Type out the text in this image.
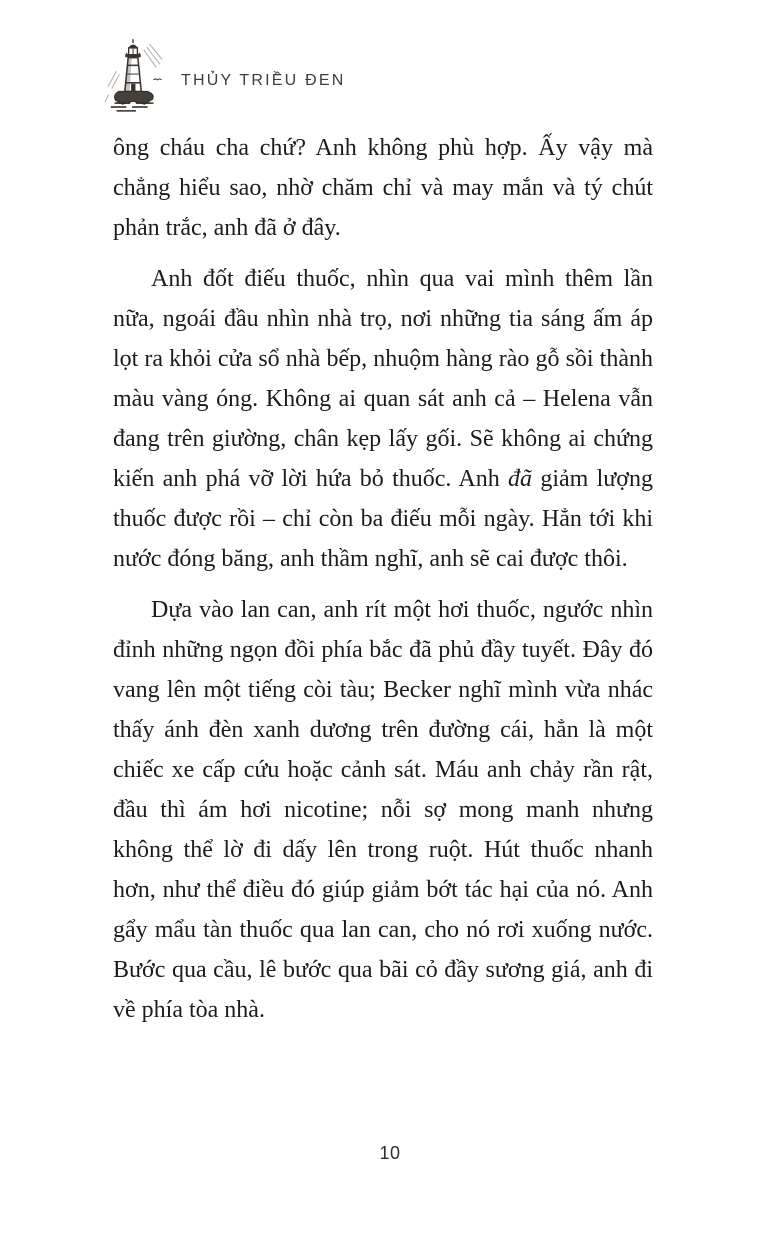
THỦY TRIỀU ĐEN

ông cháu cha chứ? Anh không phù hợp. Ấy vậy mà chẳng hiểu sao, nhờ chăm chỉ và may mắn và tý chút phản trắc, anh đã ở đây.

Anh đốt điếu thuốc, nhìn qua vai mình thêm lần nữa, ngoái đầu nhìn nhà trọ, nơi những tia sáng ấm áp lọt ra khỏi cửa sổ nhà bếp, nhuộm hàng rào gỗ sồi thành màu vàng óng. Không ai quan sát anh cả – Helena vẫn đang trên giường, chân kẹp lấy gối. Sẽ không ai chứng kiến anh phá vỡ lời hứa bỏ thuốc. Anh đã giảm lượng thuốc được rồi – chỉ còn ba điếu mỗi ngày. Hẳn tới khi nước đóng băng, anh thầm nghĩ, anh sẽ cai được thôi.

Dựa vào lan can, anh rít một hơi thuốc, ngước nhìn đỉnh những ngọn đồi phía bắc đã phủ đầy tuyết. Đây đó vang lên một tiếng còi tàu; Becker nghĩ mình vừa nhác thấy ánh đèn xanh dương trên đường cái, hẳn là một chiếc xe cấp cứu hoặc cảnh sát. Máu anh chảy rần rật, đầu thì ám hơi nicotine; nỗi sợ mong manh nhưng không thể lờ đi dấy lên trong ruột. Hút thuốc nhanh hơn, như thể điều đó giúp giảm bớt tác hại của nó. Anh gẩy mẩu tàn thuốc qua lan can, cho nó rơi xuống nước. Bước qua cầu, lê bước qua bãi cỏ đầy sương giá, anh đi về phía tòa nhà.

10
